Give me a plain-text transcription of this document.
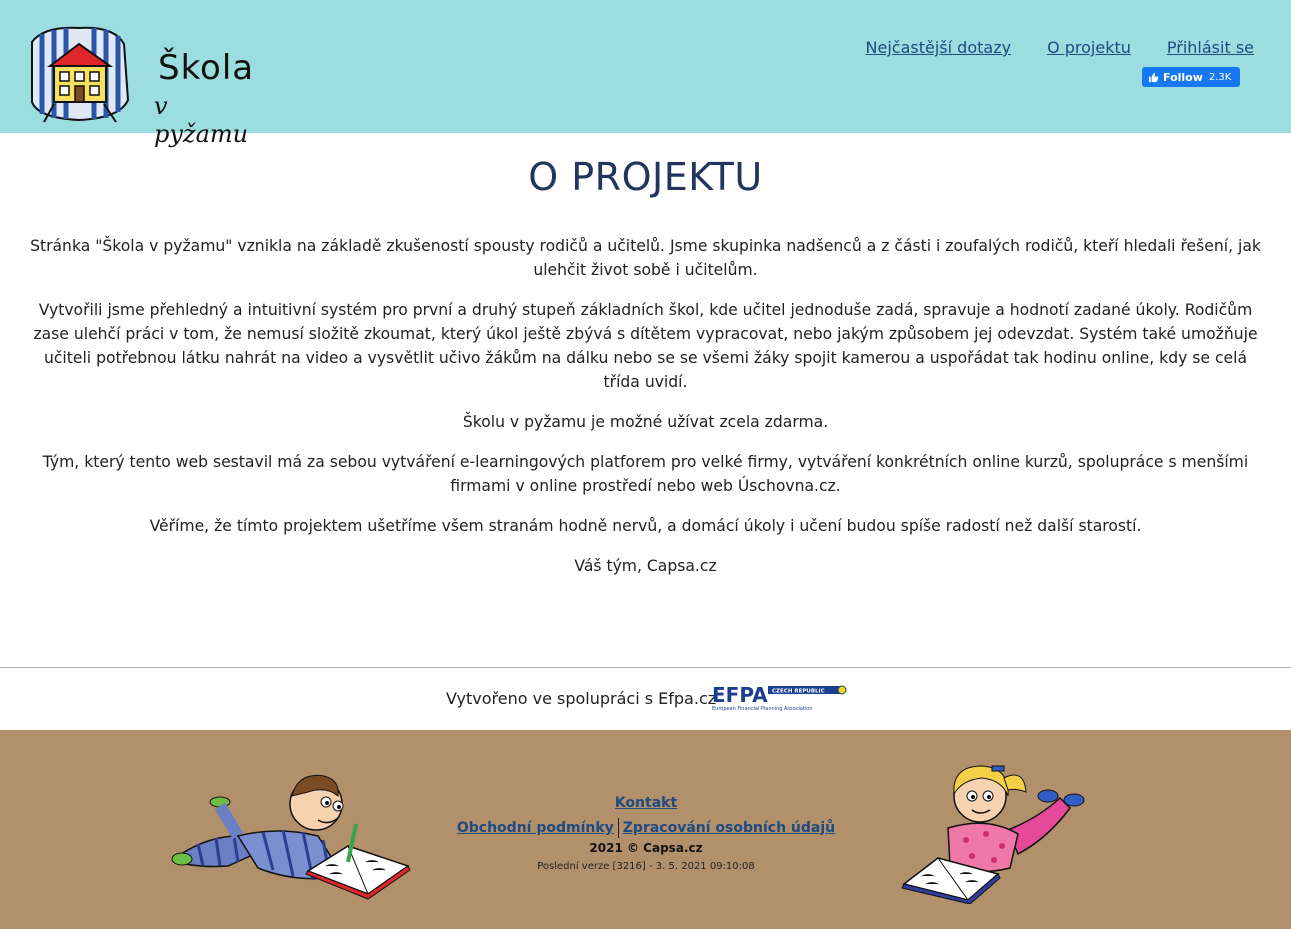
Škola
v pyžamu
Nejčastější dotazy O projektu Přihlásit se
Follow 2.3K
O PROJEKTU

Stránka "Škola v pyžamu" vznikla na základě zkušeností spousty rodičů a učitelů. Jsme skupinka nadšenců a z části i zoufalých rodičů, kteří hledali řešení, jak ulehčit život sobě i učitelům.

Vytvořili jsme přehledný a intuitivní systém pro první a druhý stupeň základních škol, kde učitel jednoduše zadá, spravuje a hodnotí zadané úkoly. Rodičům zase ulehčí práci v tom, že nemusí složitě zkoumat, který úkol ještě zbývá s dítětem vypracovat, nebo jakým způsobem jej odevzdat. Systém také umožňuje učiteli potřebnou látku nahrát na video a vysvětlit učivo žákům na dálku nebo se se všemi žáky spojit kamerou a uspořádat tak hodinu online, kdy se celá třída uvidí.

Školu v pyžamu je možné užívat zcela zdarma.

Tým, který tento web sestavil má za sebou vytváření e-learningových platforem pro velké firmy, vytváření konkrétních online kurzů, spolupráce s menšími firmami v online prostředí nebo web Úschovna.cz.

Věříme, že tímto projektem ušetříme všem stranám hodně nervů, a domácí úkoly i učení budou spíše radostí než další starostí.

Váš tým, Capsa.cz

Vytvořeno ve spolupráci s Efpa.cz
EFPA CZECH REPUBLIC
European Financial Planning Association
Kontakt
Obchodní podmínky Zpracování osobních údajů
2021 © Capsa.cz
Poslední verze [3216] - 3. 5. 2021 09:10:08
